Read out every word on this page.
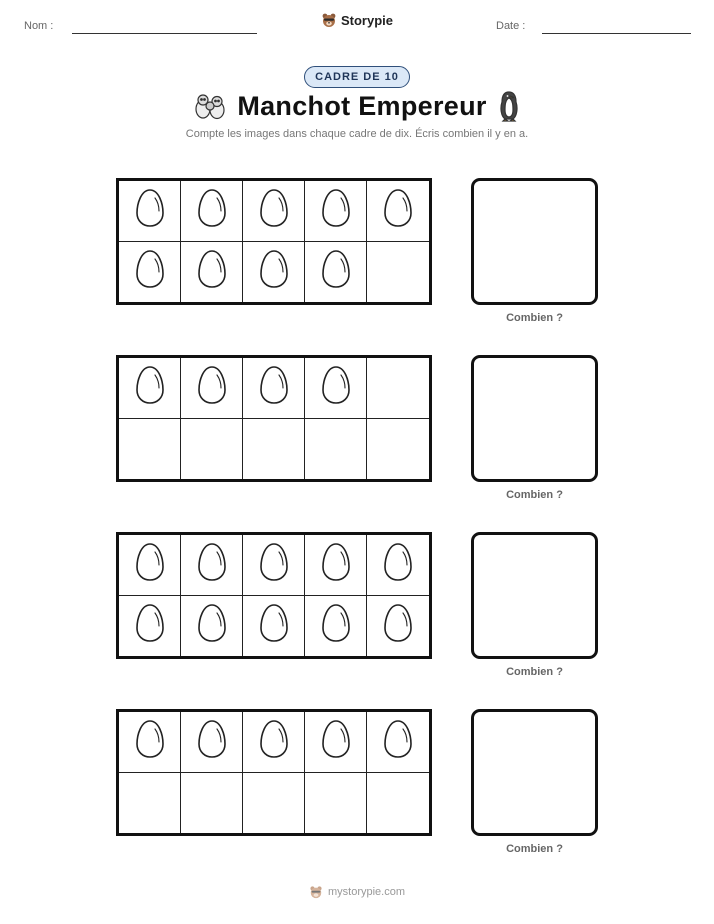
Nom :	Storypie	Date :
CADRE DE 10
Manchot Empereur
Compte les images dans chaque cadre de dix. Écris combien il y en a.
Combien ?
Combien ?
Combien ?
Combien ?
mystorypie.com
